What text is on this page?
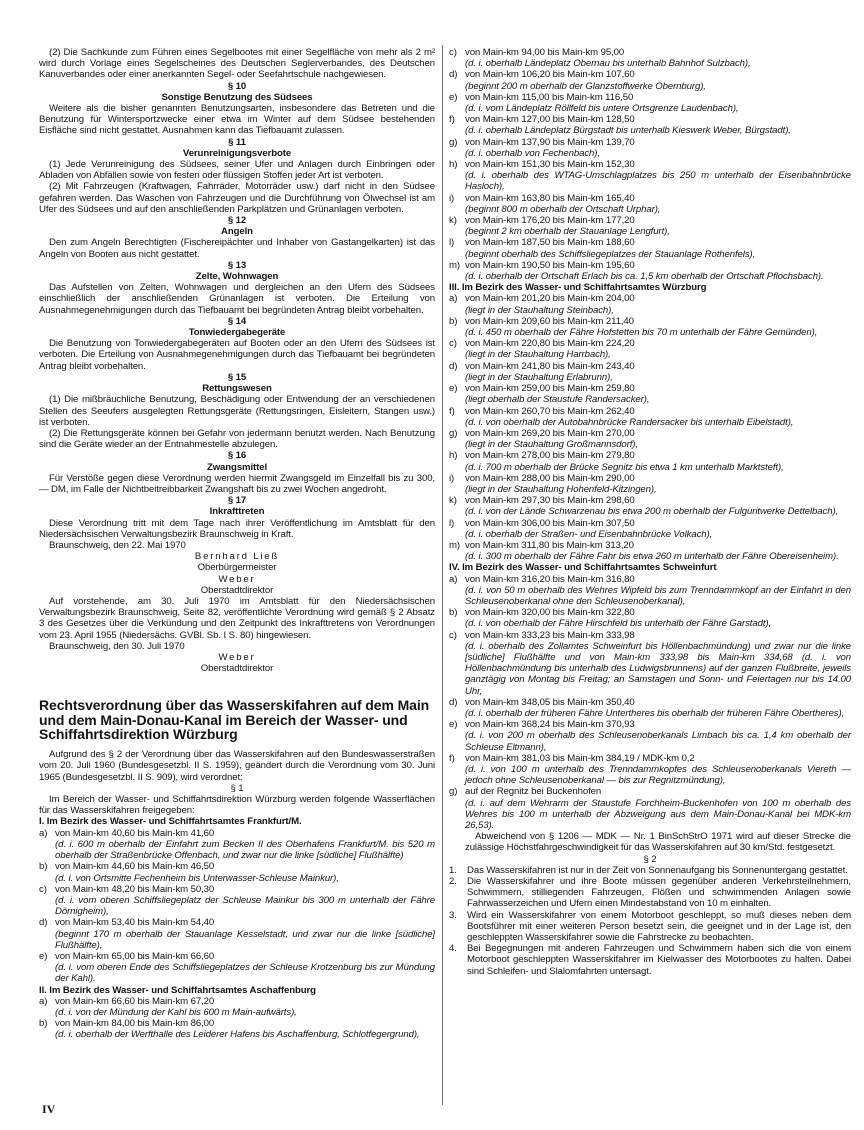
(2) Die Sachkunde zum Führen eines Segelbootes mit einer Segelfläche von mehr als 2 m² wird durch Vorlage eines Segelscheines des Deutschen Seglerverbandes, des Deutschen Kanuverbandes oder einer anerkannten Segel- oder Seefahrtschule nachgewiesen.

§ 10

Sonstige Benutzung des Südsees

Weitere als die bisher genannten Benutzungsarten, insbesondere das Betreten und die Benutzung für Wintersportzwecke einer etwa im Winter auf dem Südsee bestehenden Eisfläche sind nicht gestattet. Ausnahmen kann das Tiefbauamt zulassen.

§ 11

Verunreinigungsverbote

(1) Jede Verunreinigung des Südsees, seiner Ufer und Anlagen durch Einbringen oder Abladen von Abfällen sowie von festen oder flüssigen Stoffen jeder Art ist verboten.

(2) Mit Fahrzeugen (Kraftwagen, Fahrräder, Motorräder usw.) darf nicht in den Südsee gefahren werden. Das Waschen von Fahrzeugen und die Durchführung von Ölwechsel ist am Ufer des Südsees und auf den anschließenden Parkplätzen und Grünanlagen verboten.

§ 12

Angeln

Den zum Angeln Berechtigten (Fischereipächter und Inhaber von Gastangelkarten) ist das Angeln von Booten aus nicht gestattet.

§ 13

Zelte, Wohnwagen

Das Aufstellen von Zelten, Wohnwagen und dergleichen an den Ufern des Südsees einschließlich der anschließenden Grünanlagen ist verboten. Die Erteilung von Ausnahmegenehmigungen durch das Tiefbauamt bei begründeten Antrag bleibt vorbehalten.

§ 14

Tonwiedergabegeräte

Die Benutzung von Tonwiedergabegeräten auf Booten oder an den Ufern des Südsees ist verboten. Die Erteilung von Ausnahmegenehmigungen durch das Tiefbauamt bei begründeten Antrag bleibt vorbehalten.

§ 15

Rettungswesen

(1) Die mißbräuchliche Benutzung, Beschädigung oder Entwendung der an verschiedenen Stellen des Seeufers ausgelegten Rettungsgeräte (Rettungsringen, Eisleitern, Stangen usw.) ist verboten.

(2) Die Rettungsgeräte können bei Gefahr von jedermann benutzt werden. Nach Benutzung sind die Geräte wieder an der Entnahmestelle abzulegen.

§ 16

Zwangsmittel

Für Verstöße gegen diese Verordnung werden hiermit Zwangsgeld im Einzelfall bis zu 300,— DM, im Falle der Nichtbeitreibbarkeit Zwangshaft bis zu zwei Wochen angedroht.

§ 17

Inkrafttreten

Diese Verordnung tritt mit dem Tage nach ihrer Veröffentlichung im Amtsblatt für den Niedersächsischen Verwaltungsbezirk Braunschweig in Kraft.

Braunschweig, den 22. Mai 1970

Bernhard Ließ

Oberbürgermeister

Weber

Oberstadtdirektor

Auf vorstehende, am 30. Juli 1970 im Amtsblatt für den Niedersächsischen Verwaltungsbezirk Braunschweig, Seite 82, veröffentlichte Verordnung wird gemäß § 2 Absatz 3 des Gesetzes über die Verkündung und den Zeitpunkt des Inkrafttretens von Verordnungen vom 23. April 1955 (Niedersächs. GVBl. Sb. I S. 80) hingewiesen.

Braunschweig, den 30. Juli 1970

Weber

Oberstadtdirektor

Rechtsverordnung über das Wasserskifahren auf dem Main und dem Main-Donau-Kanal im Bereich der Wasser- und Schiffahrtsdirektion Würzburg

Aufgrund des § 2 der Verordnung über das Wasserskifahren auf den Bundeswasserstraßen vom 20. Juli 1960 (Bundesgesetzbl. II S. 1959), geändert durch die Verordnung vom 30. Juni 1965 (Bundesgesetzbl. II S. 909), wird verordnet:

§ 1

Im Bereich der Wasser- und Schiffahrtsdirektion Würzburg werden folgende Wasserflächen für das Wasserskifahren freigegeben:

I. Im Bezirk des Wasser- und Schiffahrtsamtes Frankfurt/M.

a) von Main-km 40,60 bis Main-km 41,60
(d. i. 600 m oberhalb der Einfahrt zum Becken II des Oberhafens Frankfurt/M. bis 520 m oberhalb der Straßenbrücke Offenbach, und zwar nur die linke [südliche] Flußhälfte)
b) von Main-km 44,60 bis Main-km 46,50
(d. i. von Ortsmitte Fechenheim bis Unterwasser-Schleuse Mainkur),
c) von Main-km 48,20 bis Main-km 50,30
(d. i. vom oberen Schiffsliegeplatz der Schleuse Mainkur bis 300 m unterhalb der Fähre Dörnigheim),
d) von Main-km 53,40 bis Main-km 54,40
(beginnt 170 m oberhalb der Stauanlage Kesselstadt, und zwar nur die linke [südliche] Flußhälfte),
e) von Main-km 65,00 bis Main-km 66,60
(d. i. vom oberen Ende des Schiffsliegeplatzes der Schleuse Krotzenburg bis zur Mündung der Kahl).

II. Im Bezirk des Wasser- und Schiffahrtsamtes Aschaffenburg

a) von Main-km 66,60 bis Main-km 67,20
(d. i. von der Mündung der Kahl bis 600 m Main-aufwärts),
b) von Main-km 84,00 bis Main-km 86,00
(d. i. oberhalb der Werfthalle des Leiderer Hafens bis Aschaffenburg, Schlotfegergrund),
c) von Main-km 94,00 bis Main-km 95,00
(d. i. oberhalb Ländeplatz Obernau bis unterhalb Bahnhof Sulzbach),
d) von Main-km 106,20 bis Main-km 107,60
(beginnt 200 m oberhalb der Glanzstoffwerke Obernburg),
e) von Main-km 115,00 bis Main-km 116,50
(d. i. vom Ländeplatz Röllfeld bis untere Ortsgrenze Laudenbach),
f)	von Main-km 127,00 bis Main-km 128,50
(d. i. oberhalb Ländeplatz Bürgstadt bis unterhalb Kieswerk Weber, Bürgstadt),
g) von Main-km 137,90 bis Main-km 139,70
(d. i. oberhalb von Fechenbach),
h) von Main-km 151,30 bis Main-km 152,30
(d. i. oberhalb des WTAG-Umschlagplatzes bis 250 m unterhalb der Eisenbahnbrücke Hasloch),
i)	von Main-km 163,80 bis Main-km 165,40
(beginnt 800 m oberhalb der Ortschaft Urphar),
k) von Main-km 176,20 bis Main-km 177,20
(beginnt 2 km oberhalb der Stauanlage Lengfurt),
l)	von Main-km 187,50 bis Main-km 188,60
(beginnt oberhalb des Schiffsliegeplatzes der Stauanlage Rothenfels),
m) von Main-km 190,50 bis Main-km 195,60
(d. i. oberhalb der Ortschaft Erlach bis ca. 1,5 km oberhalb der Ortschaft Pflochsbach).

III. Im Bezirk des Wasser- und Schiffahrtsamtes Würzburg

a) von Main-km 201,20 bis Main-km 204,00
(liegt in der Stauhaltung Steinbach),
b) von Main-km 209,60 bis Main-km 211,40
(d. i. 450 m oberhalb der Fähre Hofstetten bis 70 m unterhalb der Fähre Gemünden),
c) von Main-km 220,80 bis Main-km 224,20
(liegt in der Stauhaltung Harrbach),
d) von Main-km 241,80 bis Main-km 243,40
(liegt in der Stauhaltung Erlabrunn),
e) von Main-km 259,00 bis Main-km 259,80
(liegt oberhalb der Staustufe Randersacker),
f)	von Main-km 260,70 bis Main-km 262,40
(d. i. von oberhalb der Autobahnbrücke Randersacker bis unterhalb Eibelstadt),
g) von Main-km 269,20 bis Main-km 270,00
(liegt in der Stauhaltung Großmannsdorf),
h) von Main-km 278,00 bis Main-km 279,80
(d. i. 700 m oberhalb der Brücke Segnitz bis etwa 1 km unterhalb Marktsteft),
i)	von Main-km 288,00 bis Main-km 290,00
(liegt in der Stauhaltung Hohenfeld-Kitzingen),
k) von Main-km 297,30 bis Main-km 298,60
(d. i. von der Lände Schwarzenau bis etwa 200 m oberhalb der Fulguritwerke Dettelbach),
l)	von Main-km 306,00 bis Main-km 307,50
(d. i. oberhalb der Straßen- und Eisenbahnbrücke Volkach),
m) von Main-km 311,80 bis Main-km 313,20
(d. i. 300 m oberhalb der Fähre Fahr bis etwa 260 m unterhalb der Fähre Obereisenheim).

IV. Im Bezirk des Wasser- und Schiffahrtsamtes Schweinfurt

a) von Main-km 316,20 bis Main-km 316,80
(d. i. von 50 m oberhalb des Wehres Wipfeld bis zum Trenndammkopf an der Einfahrt in den Schleusenoberkanal ohne den Schleusenoberkanal),
b) von Main-km 320,00 bis Main-km 322,80
(d. i. von oberhalb der Fähre Hirschfeld bis unterhalb der Fähre Garstadt),
c) von Main-km 333,23 bis Main-km 333,98
(d. i. oberhalb des Zollamtes Schweinfurt bis Höllenbachmündung) und zwar nur die linke [südliche] Flußhälfte und von Main-km 333,98 bis Main-km 334,68 (d. i. von Höllenbachmündung bis unterhalb des Ludwigsbrunnens) auf der ganzen Flußbreite, jeweils ganztägig von Montag bis Freitag; an Samstagen und Sonn- und Feiertagen nur bis 14.00 Uhr,
d) von Main-km 348,05 bis Main-km 350,40
(d. i. oberhalb der früheren Fähre Untertheres bis oberhalb der früheren Fähre Obertheres),
e) von Main-km 368,24 bis Main-km 370,93
(d. i. von 200 m oberhalb des Schleusenoberkanals Limbach bis ca. 1,4 km oberhalb der Schleuse Eltmann),
f)	von Main-km 381,03 bis Main-km 384,19 / MDK-km 0,2
(d. i. von 100 m unterhalb des Trenndammkopfes des Schleusenoberkanals Viereth — jedoch ohne Schleusenoberkanal — bis zur Regnitzmündung),
g) auf der Regnitz bei Buckenhofen
(d. i. auf dem Wehrarm der Staustufe Forchheim-Buckenhofen von 100 m oberhalb des Wehres bis 100 m unterhalb der Abzweigung aus dem Main-Donau-Kanal bei MDK-km 26,53).

Abweichend von § 1206 — MDK — Nr. 1 BinSchStrO 1971 wird auf dieser Strecke die zulässige Höchstfahrgeschwindigkeit für das Wasserskifahren auf 30 km/Std. festgesetzt.

§ 2

1.	Das Wasserskifahren ist nur in der Zeit von Sonnenaufgang bis Sonnenuntergang gestattet.
2.	Die Wasserskifahrer und ihre Boote müssen gegenüber anderen Verkehrsteilnehmern, Schwimmern, stilliegenden Fahrzeugen, Flößen und schwimmenden Anlagen sowie Fahrwasserzeichen und Ufern einen Mindestabstand von 10 m einhalten.
3.	Wird ein Wasserskifahrer von einem Motorboot geschleppt, so muß dieses neben dem Bootsführer mit einer weiteren Person besetzt sein, die geeignet und in der Lage ist, den geschleppten Wasserskifahrer sowie die Fahrstrecke zu beobachten.
4.	Bei Begegnungen mit anderen Fahrzeugen und Schwimmern haben sich die von einem Motorboot geschleppten Wasserskifahrer im Kielwasser des Motorbootes zu halten. Dabei sind Schleifen- und Slalomfahrten untersagt.
IV
